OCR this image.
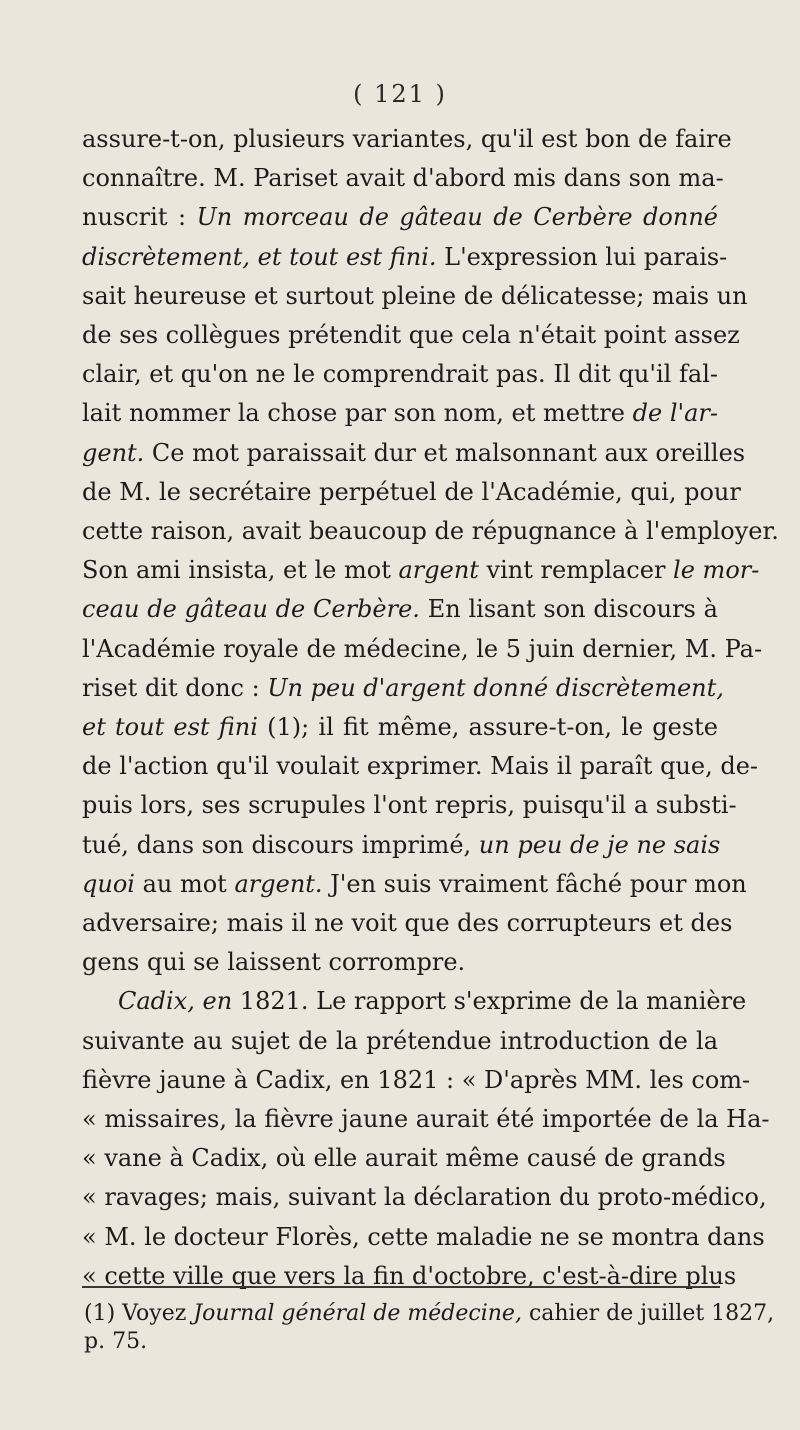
( 121 )
assure-t-on, plusieurs variantes, qu'il est bon de faire
connaître. M. Pariset avait d'abord mis dans son ma-
nuscrit : Un morceau de gâteau de Cerbère donné
discrètement, et tout est fini. L'expression lui parais-
sait heureuse et surtout pleine de délicatesse; mais un
de ses collègues prétendit que cela n'était point assez
clair, et qu'on ne le comprendrait pas. Il dit qu'il fal-
lait nommer la chose par son nom, et mettre de l'ar-
gent. Ce mot paraissait dur et malsonnant aux oreilles
de M. le secrétaire perpétuel de l'Académie, qui, pour
cette raison, avait beaucoup de répugnance à l'employer.
Son ami insista, et le mot argent vint remplacer le mor-
ceau de gâteau de Cerbère. En lisant son discours à
l'Académie royale de médecine, le 5 juin dernier, M. Pa-
riset dit donc : Un peu d'argent donné discrètement,
et tout est fini (1); il fit même, assure-t-on, le geste
de l'action qu'il voulait exprimer. Mais il paraît que, de-
puis lors, ses scrupules l'ont repris, puisqu'il a substi-
tué, dans son discours imprimé, un peu de je ne sais
quoi au mot argent. J'en suis vraiment fâché pour mon
adversaire; mais il ne voit que des corrupteurs et des
gens qui se laissent corrompre.
Cadix, en 1821. Le rapport s'exprime de la manière
suivante au sujet de la prétendue introduction de la
fièvre jaune à Cadix, en 1821 : « D'après MM. les com-
« missaires, la fièvre jaune aurait été importée de la Ha-
« vane à Cadix, où elle aurait même causé de grands
« ravages; mais, suivant la déclaration du proto-médico,
« M. le docteur Florès, cette maladie ne se montra dans
« cette ville que vers la fin d'octobre, c'est-à-dire plus
(1) Voyez Journal général de médecine, cahier de juillet 1827,
p. 75.
